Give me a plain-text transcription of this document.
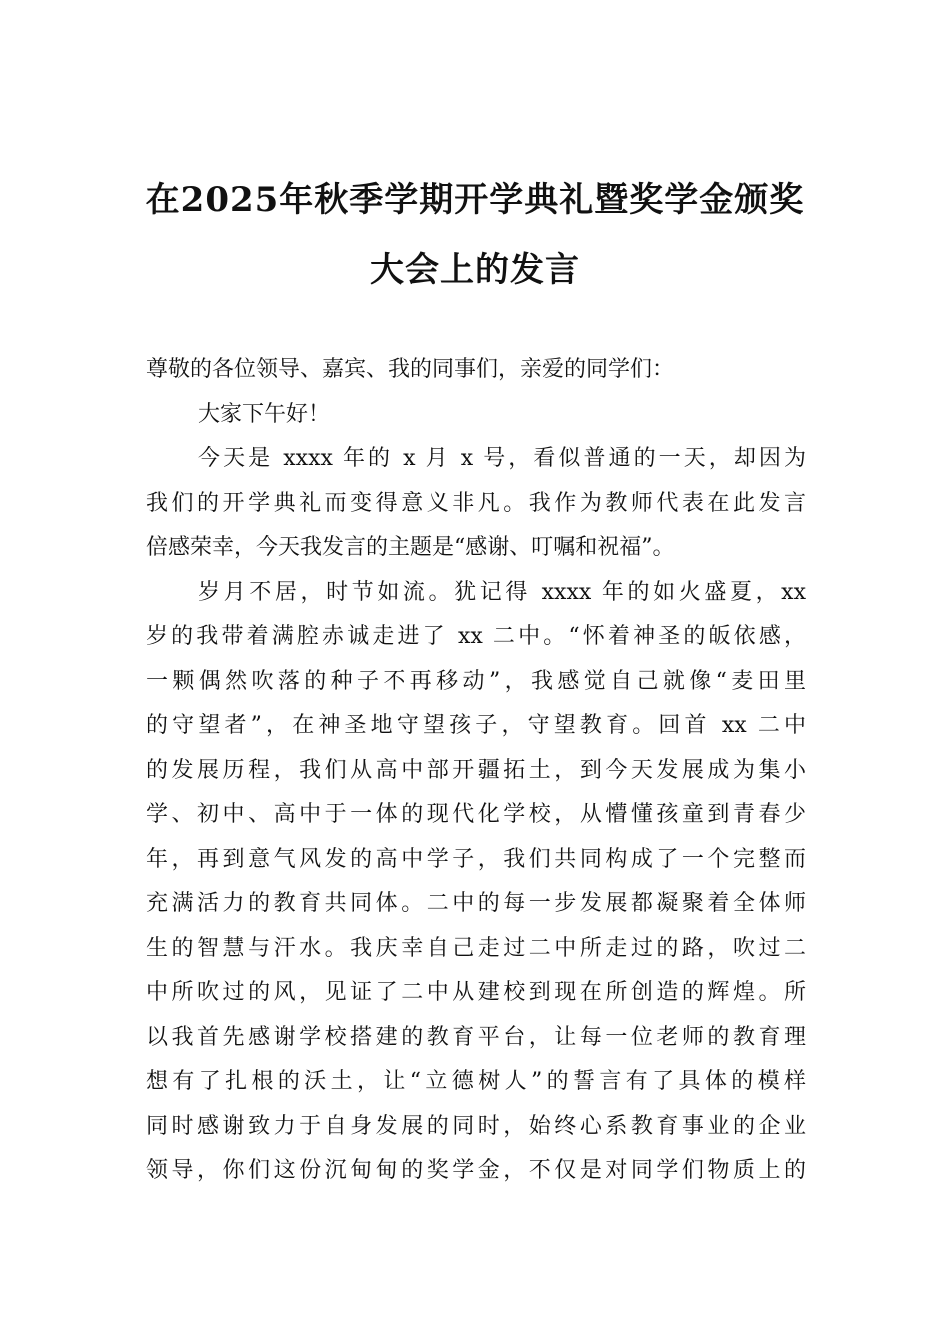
在2025年秋季学期开学典礼暨奖学金颁奖
大会上的发言
尊敬的各位领导、嘉宾、我的同事们，亲爱的同学们：
大家下午好！
今天是 xxxx 年的 x 月 x 号，看似普通的一天，却因为
我们的开学典礼而变得意义非凡。我作为教师代表在此发言
倍感荣幸，今天我发言的主题是“感谢、叮嘱和祝福”。
岁月不居，时节如流。犹记得 xxxx 年的如火盛夏，xx
岁的我带着满腔赤诚走进了 xx 二中。“怀着神圣的皈依感，
一颗偶然吹落的种子不再移动”，我感觉自己就像“麦田里
的守望者”，在神圣地守望孩子，守望教育。回首 xx 二中
的发展历程，我们从高中部开疆拓土，到今天发展成为集小
学、初中、高中于一体的现代化学校，从懵懂孩童到青春少
年，再到意气风发的高中学子，我们共同构成了一个完整而
充满活力的教育共同体。二中的每一步发展都凝聚着全体师
生的智慧与汗水。我庆幸自己走过二中所走过的路，吹过二
中所吹过的风，见证了二中从建校到现在所创造的辉煌。所
以我首先感谢学校搭建的教育平台，让每一位老师的教育理
想有了扎根的沃土，让“立德树人”的誓言有了具体的模样
同时感谢致力于自身发展的同时，始终心系教育事业的企业
领导，你们这份沉甸甸的奖学金，不仅是对同学们物质上的
